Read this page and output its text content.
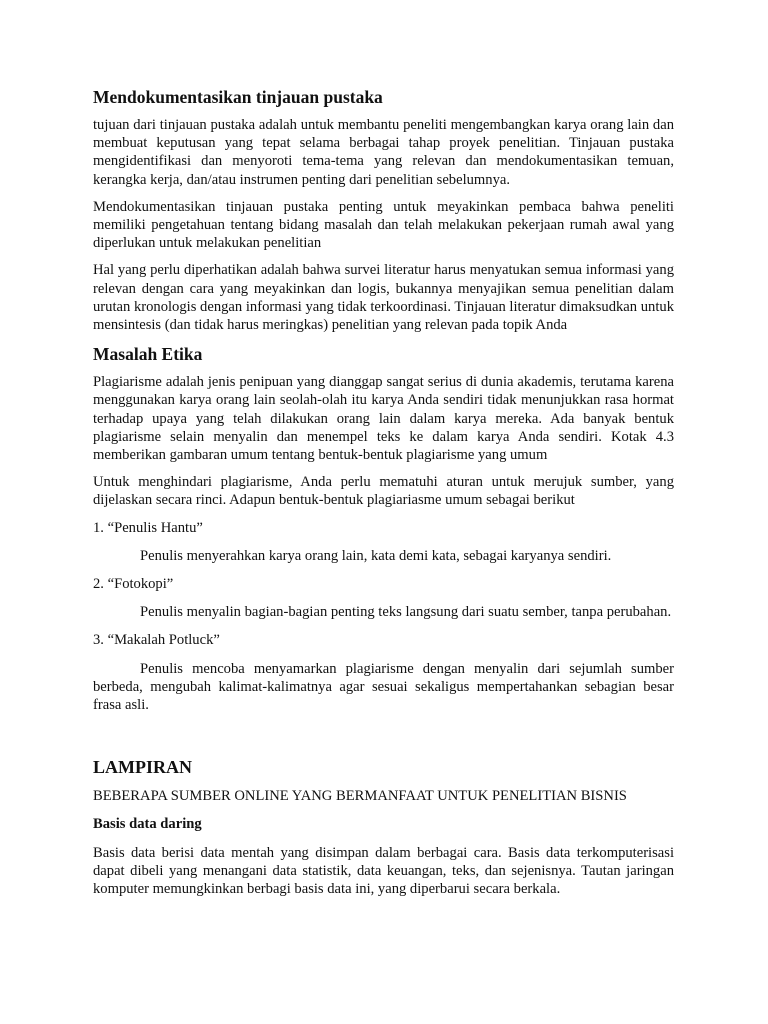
Mendokumentasikan tinjauan pustaka

tujuan dari tinjauan pustaka adalah untuk membantu peneliti mengembangkan karya orang lain dan membuat keputusan yang tepat selama berbagai tahap proyek penelitian. Tinjauan pustaka mengidentifikasi dan menyoroti tema-tema yang relevan dan mendokumentasikan temuan, kerangka kerja, dan/atau instrumen penting dari penelitian sebelumnya.

Mendokumentasikan tinjauan pustaka penting untuk meyakinkan pembaca bahwa peneliti memiliki pengetahuan tentang bidang masalah dan telah melakukan pekerjaan rumah awal yang diperlukan untuk melakukan penelitian

Hal yang perlu diperhatikan adalah bahwa survei literatur harus menyatukan semua informasi yang relevan dengan cara yang meyakinkan dan logis, bukannya menyajikan semua penelitian dalam urutan kronologis dengan informasi yang tidak terkoordinasi. Tinjauan literatur dimaksudkan untuk mensintesis (dan tidak harus meringkas) penelitian yang relevan pada topik Anda

Masalah Etika

Plagiarisme adalah jenis penipuan yang dianggap sangat serius di dunia akademis, terutama karena menggunakan karya orang lain seolah-olah itu karya Anda sendiri tidak menunjukkan rasa hormat terhadap upaya yang telah dilakukan orang lain dalam karya mereka. Ada banyak bentuk plagiarisme selain menyalin dan menempel teks ke dalam karya Anda sendiri. Kotak 4.3 memberikan gambaran umum tentang bentuk-bentuk plagiarisme yang umum

Untuk menghindari plagiarisme, Anda perlu mematuhi aturan untuk merujuk sumber, yang dijelaskan secara rinci. Adapun bentuk-bentuk plagiariasme umum sebagai berikut

1. “Penulis Hantu”

Penulis menyerahkan karya orang lain, kata demi kata, sebagai karyanya sendiri.

2. “Fotokopi”

Penulis menyalin bagian-bagian penting teks langsung dari suatu sember, tanpa perubahan.

3. “Makalah Potluck”

Penulis mencoba menyamarkan plagiarisme dengan menyalin dari sejumlah sumber berbeda, mengubah kalimat-kalimatnya agar sesuai sekaligus mempertahankan sebagian besar frasa asli.

LAMPIRAN

BEBERAPA SUMBER ONLINE YANG BERMANFAAT UNTUK PENELITIAN BISNIS

Basis data daring

Basis data berisi data mentah yang disimpan dalam berbagai cara. Basis data terkomputerisasi dapat dibeli yang menangani data statistik, data keuangan, teks, dan sejenisnya. Tautan jaringan komputer memungkinkan berbagi basis data ini, yang diperbarui secara berkala.
